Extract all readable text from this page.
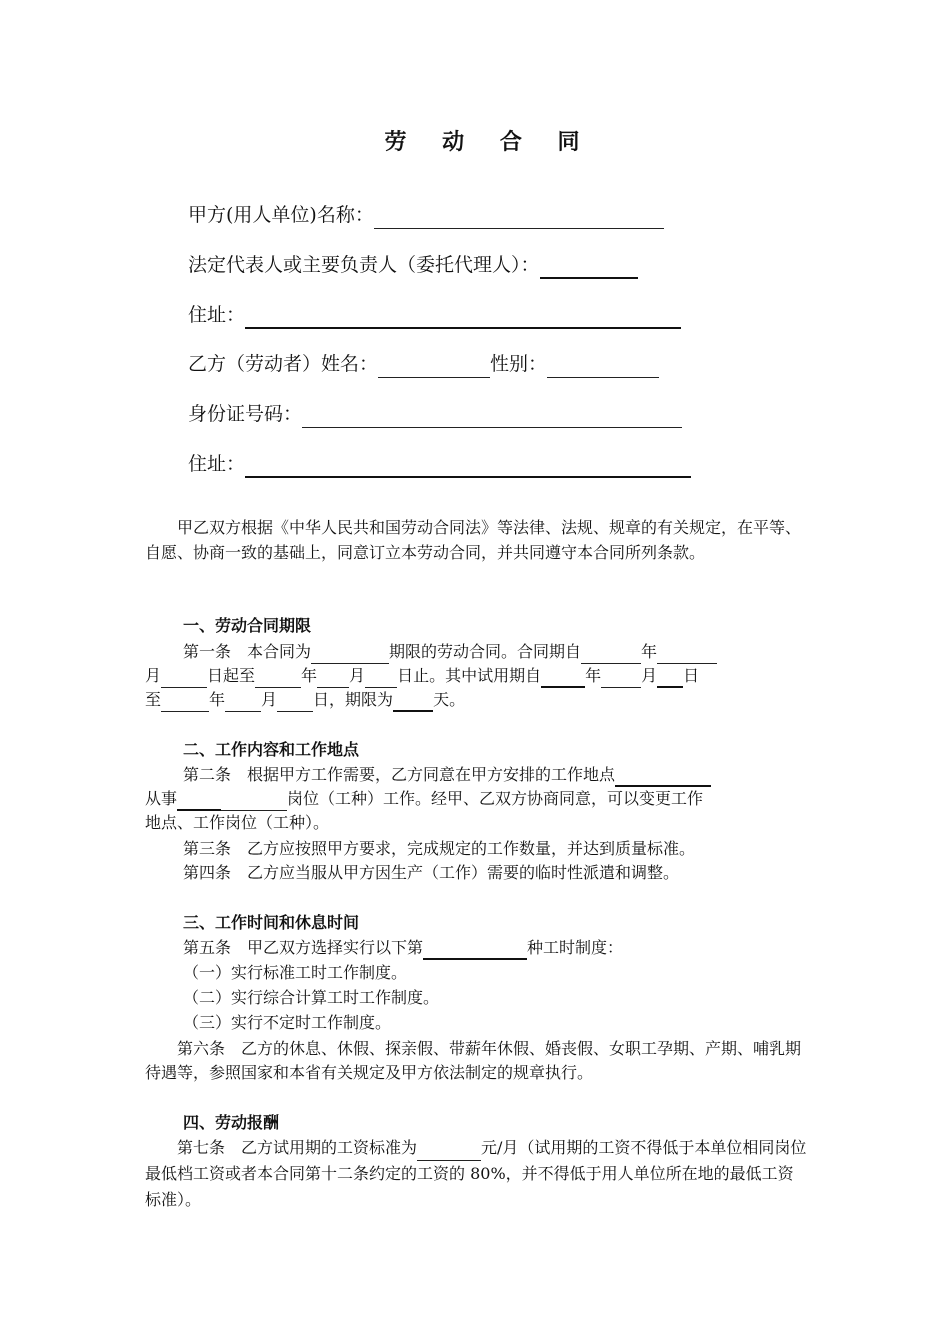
劳 动 合 同
甲方(用人单位)名称：
法定代表人或主要负责人（委托代理人）：
住址：
乙方（劳动者）姓名：	性别：
身份证号码：
住址：
甲乙双方根据《中华人民共和国劳动合同法》等法律、法规、规章的有关规定，在平等、自愿、协商一致的基础上，同意订立本劳动合同，并共同遵守本合同所列条款。
一、劳动合同期限
第一条　本合同为	期限的劳动合同。合同期自	年
月	日起至	年 月 日止。其中试用期自	年	月 日
至	年 月 日，期限为	天。
二、工作内容和工作地点
第二条　根据甲方工作需要，乙方同意在甲方安排的工作地点
从事	岗位（工种）工作。经甲、乙双方协商同意，可以变更工作
地点、工作岗位（工种）。
第三条　乙方应按照甲方要求，完成规定的工作数量，并达到质量标准。
第四条　乙方应当服从甲方因生产（工作）需要的临时性派遣和调整。
三、工作时间和休息时间
第五条　甲乙双方选择实行以下第	种工时制度：
（一）实行标准工时工作制度。
（二）实行综合计算工时工作制度。
（三）实行不定时工作制度。
第六条　乙方的休息、休假、探亲假、带薪年休假、婚丧假、女职工孕期、产期、哺乳期待遇等，参照国家和本省有关规定及甲方依法制定的规章执行。
四、劳动报酬
第七条　乙方试用期的工资标准为	元/月（试用期的工资不得低于本单位相同岗位最低档工资或者本合同第十二条约定的工资的 80%，并不得低于用人单位所在地的最低工资标准）。
